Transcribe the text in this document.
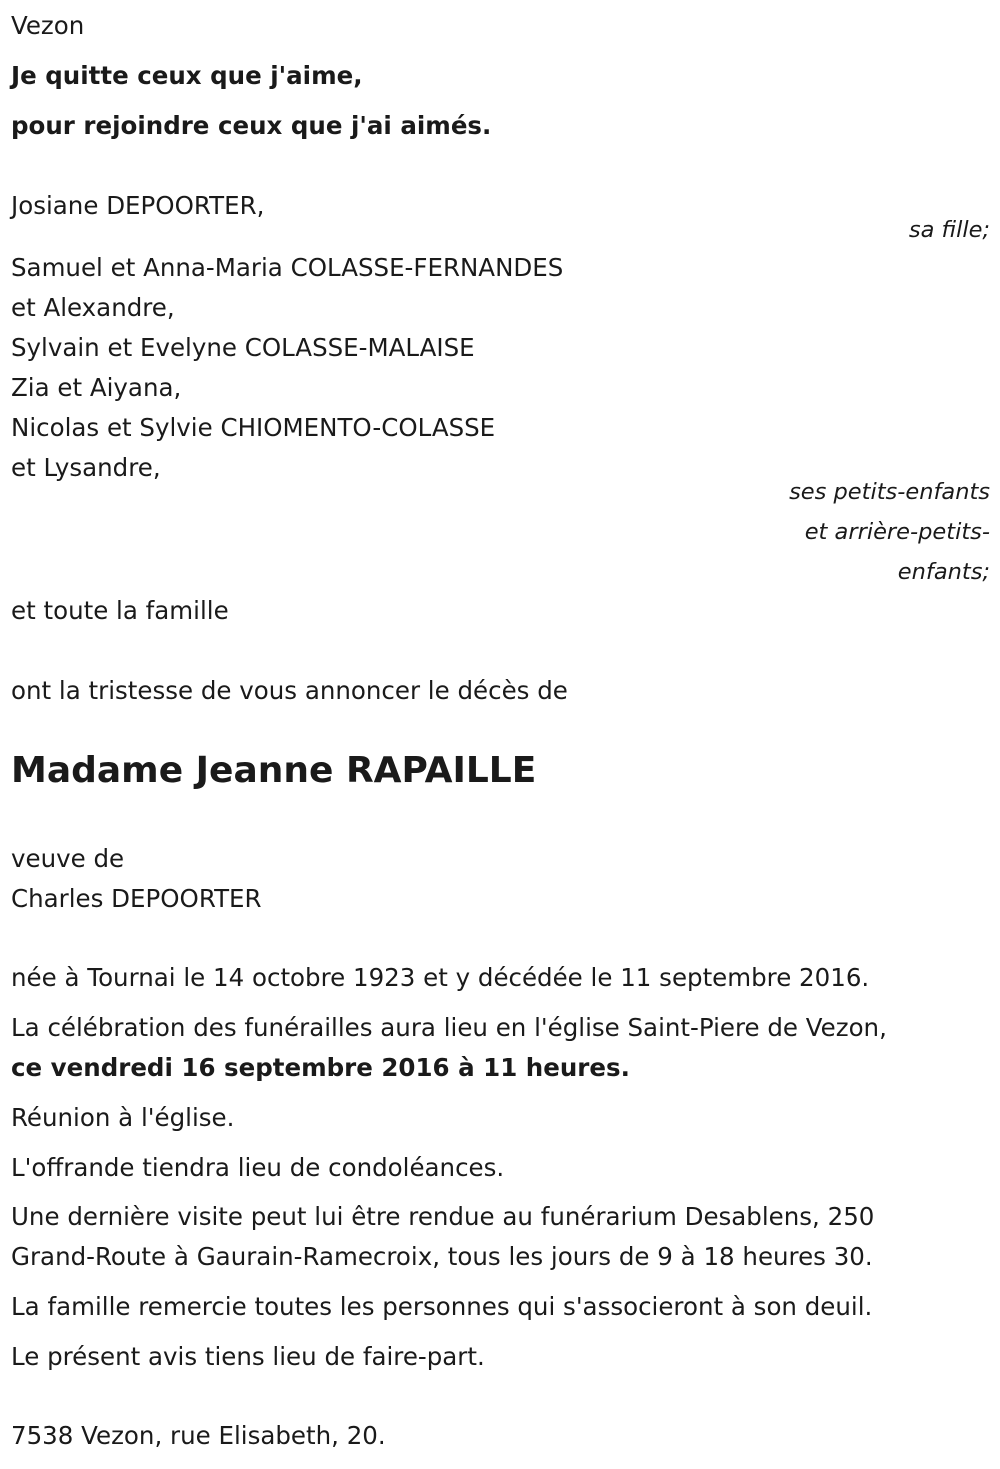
Vezon
Je quitte ceux que j'aime,
pour rejoindre ceux que j'ai aimés.
Josiane DEPOORTER,
sa fille;
Samuel et Anna-Maria COLASSE-FERNANDES
et Alexandre,
Sylvain et Evelyne COLASSE-MALAISE
Zia et Aiyana,
Nicolas et Sylvie CHIOMENTO-COLASSE
et Lysandre,
ses petits-enfants
et arrière-petits-
enfants;
et toute la famille
ont la tristesse de vous annoncer le décès de
Madame Jeanne RAPAILLE
veuve de
Charles DEPOORTER
née à Tournai le 14 octobre 1923 et y décédée le 11 septembre 2016.
La célébration des funérailles aura lieu en l'église Saint-Piere de Vezon,
ce vendredi 16 septembre 2016 à 11 heures.
Réunion à l'église.
L'offrande tiendra lieu de condoléances.
Une dernière visite peut lui être rendue au funérarium Desablens, 250
Grand-Route à Gaurain-Ramecroix, tous les jours de 9 à 18 heures 30.
La famille remercie toutes les personnes qui s'associeront à son deuil.
Le présent avis tiens lieu de faire-part.
7538 Vezon, rue Elisabeth, 20.
